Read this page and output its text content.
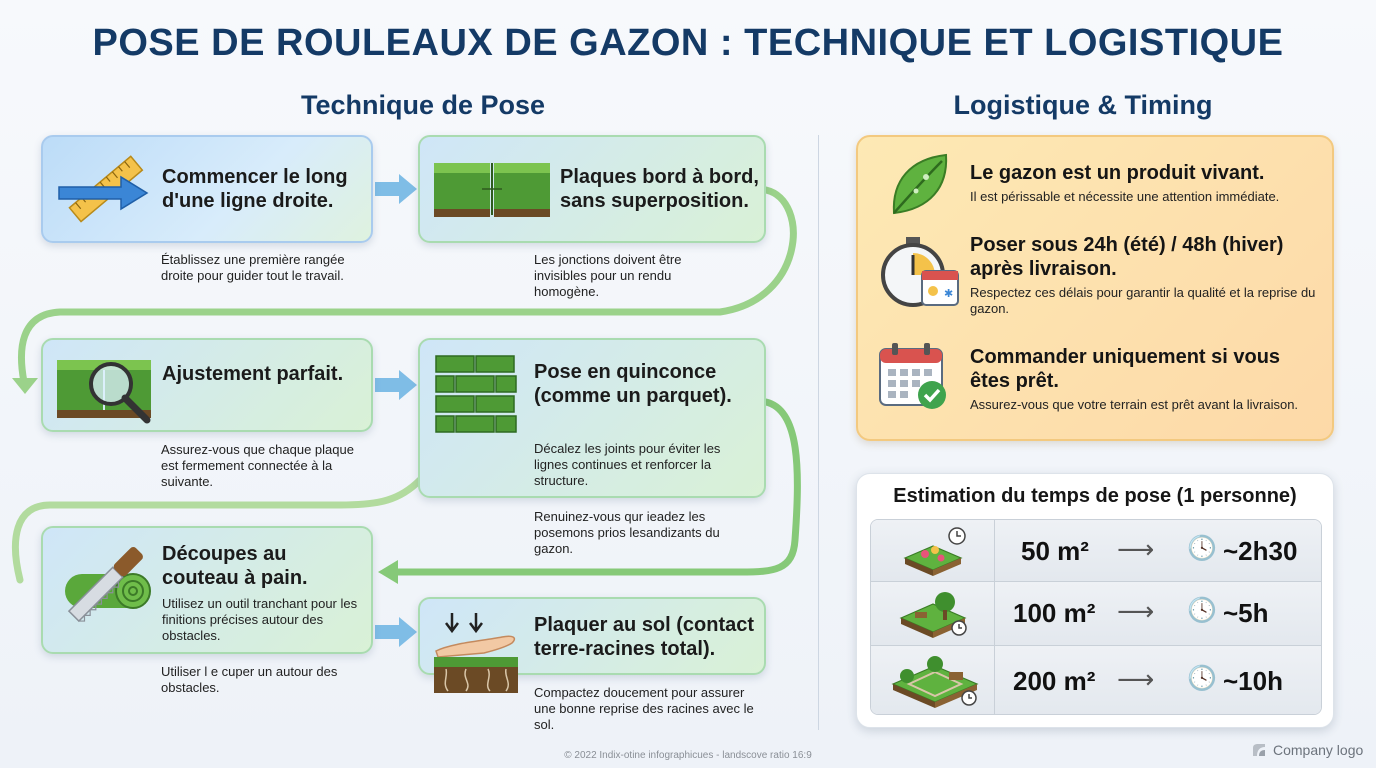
POSE DE ROULEAUX DE GAZON : TECHNIQUE ET LOGISTIQUE
Technique de Pose	Logistique & Timing
Commencer le long d'une ligne droite.
Établissez une première rangée droite pour guider tout le travail.
Plaques bord à bord, sans superposition.
Les jonctions doivent être invisibles pour un rendu homogène.
Ajustement parfait.
Assurez-vous que chaque plaque est fermement connectée à la suivante.
Pose en quinconce (comme un parquet).
Décalez les joints pour éviter les lignes continues et renforcer la structure.
Renuinez-vous qur ieadez les posemons prios lesandizants du gazon.
Découpes au couteau à pain.
Utilisez un outil tranchant pour les finitions précises autour des obstacles.
Utiliser l e cuper un autour des obstacles.
Plaquer au sol (contact terre-racines total).
Compactez doucement pour assurer une bonne reprise des racines avec le sol.
Le gazon est un produit vivant.
Il est périssable et nécessite une attention immédiate.
✱
Poser sous 24h (été) / 48h (hiver) après livraison.
Respectez ces délais pour garantir la qualité et la reprise du gazon.
Commander uniquement si vous êtes prêt.
Assurez-vous que votre terrain est prêt avant la livraison.
Estimation du temps de pose (1 personne)
50 m² ⟶ 🕓 ~2h30
100 m² ⟶ 🕓 ~5h
200 m² ⟶ 🕓 ~10h
© 2022 Indix-otine infographicues - landscove ratio 16:9	Company logo
